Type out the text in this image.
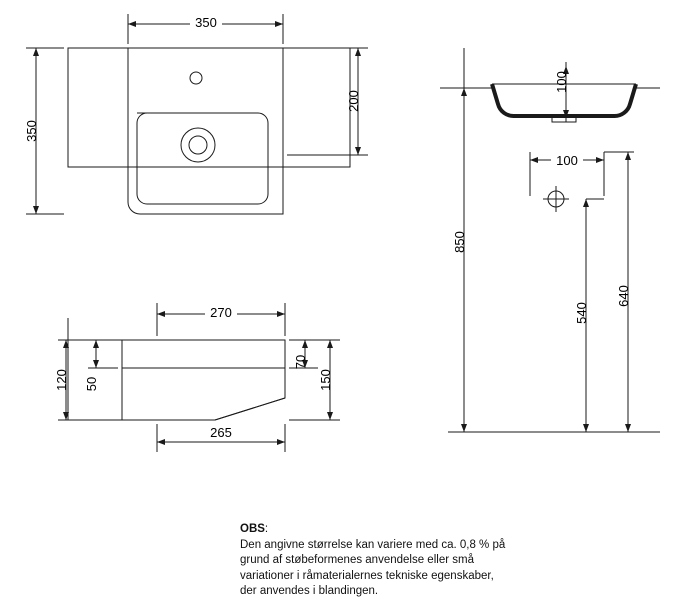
350
350
200
270
265
120 50
70
150
100
100
850
540
640

OBS:

Den angivne størrelse kan variere med ca. 0,8 % på

grund af støbeformenes anvendelse eller små

variationer i råmaterialernes tekniske egenskaber,

der anvendes i blandingen.
